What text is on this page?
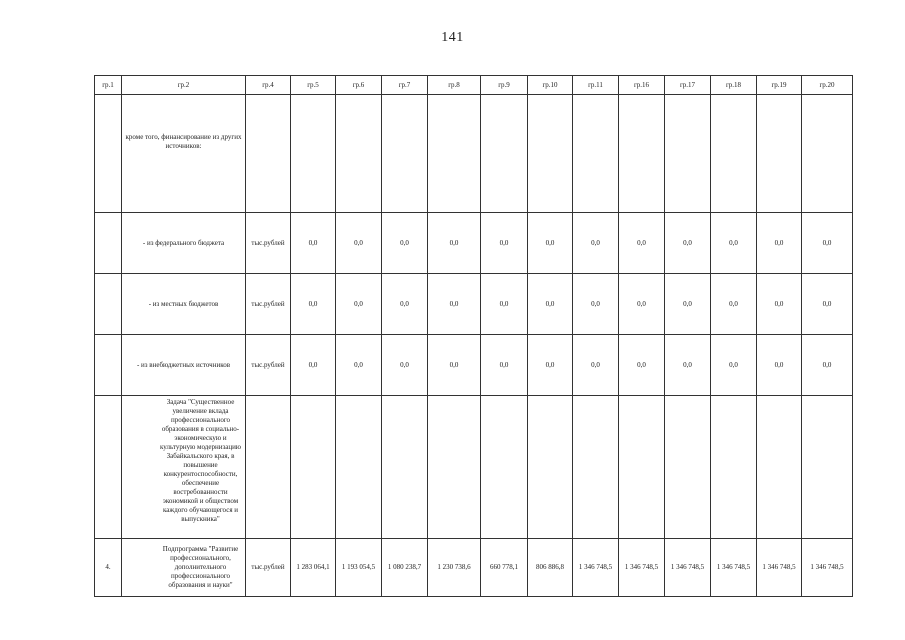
141
гр.1	гр.2	гр.4	гр.5	гр.6	гр.7	гр.8	гр.9	гр.10	гр.11	гр.16	гр.17	гр.18	гр.19	гр.20
	кроме того, финансирование из других источников:													
	- из федерального бюджета	тыс.рублей	0,0	0,0	0,0	0,0	0,0	0,0	0,0	0,0	0,0	0,0	0,0	0,0
	- из местных бюджетов	тыс.рублей	0,0	0,0	0,0	0,0	0,0	0,0	0,0	0,0	0,0	0,0	0,0	0,0
	- из внебюджетных источников	тыс.рублей	0,0	0,0	0,0	0,0	0,0	0,0	0,0	0,0	0,0	0,0	0,0	0,0
	Задача "Существенное увеличение вклада профессионального образования в социально-экономическую и культурную модернизацию Забайкальского края, в повышение конкурентоспособности, обеспечение востребованности экономикой и обществом каждого обучающегося и выпускника"													
4.	Подпрограмма "Развитие профессионального, дополнительного профессионального образования и науки"	тыс.рублей	1 283 064,1	1 193 054,5	1 080 238,7	1 230 738,6	660 778,1	806 886,8	1 346 748,5	1 346 748,5	1 346 748,5	1 346 748,5	1 346 748,5	1 346 748,5
